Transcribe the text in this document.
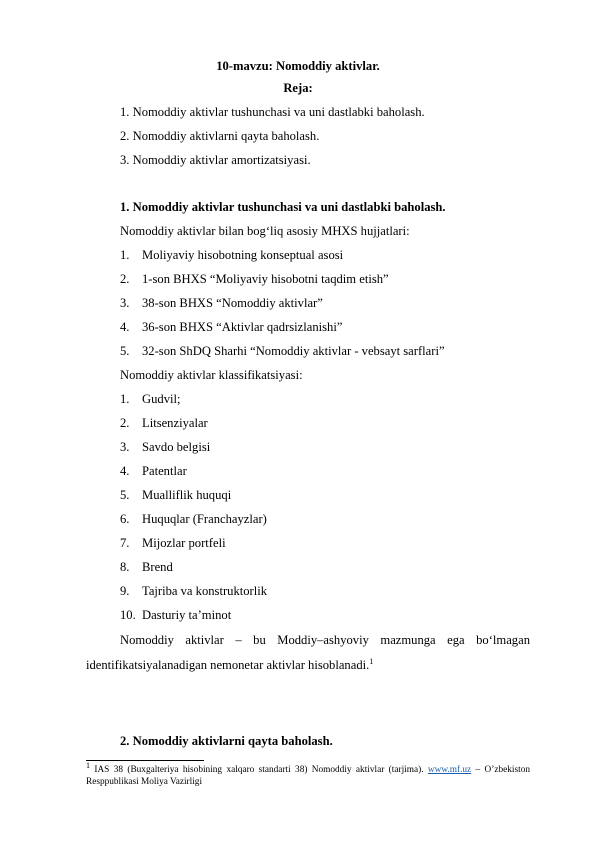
10-mavzu: Nomoddiy aktivlar.
Reja:
1. Nomoddiy aktivlar tushunchasi va uni dastlabki baholash.
2. Nomoddiy aktivlarni qayta baholash.
3. Nomoddiy aktivlar amortizatsiyasi.
1. Nomoddiy aktivlar tushunchasi va uni dastlabki baholash.
Nomoddiy aktivlar bilan bog‘liq asosiy MHXS hujjatlari:
1. Moliyaviy hisobotning konseptual asosi
2. 1-son BHXS “Moliyaviy hisobotni taqdim etish”
3. 38-son BHXS “Nomoddiy aktivlar”
4. 36-son BHXS “Aktivlar qadrsizlanishi”
5. 32-son ShDQ Sharhi “Nomoddiy aktivlar - vebsayt sarflari”
Nomoddiy aktivlar klassifikatsiyasi:
1. Gudvil;
2. Litsenziyalar
3. Savdo belgisi
4. Patentlar
5. Mualliflik huquqi
6. Huquqlar (Franchayzlar)
7. Mijozlar portfeli
8. Brend
9. Tajriba va konstruktorlik
10. Dasturiy ta’minot
Nomoddiy aktivlar – bu Moddiy–ashyoviy mazmunga ega bo‘lmagan
identifikatsiyalanadigan nemonetar aktivlar hisoblanadi.$^1$
2. Nomoddiy aktivlarni qayta baholash.
$^1$ IAS 38 (Buxgalteriya hisobining xalqaro standarti 38) Nomoddiy aktivlar (tarjima). www.mf.uz – O’zbekiston Resppublikasi Moliya Vazirligi
